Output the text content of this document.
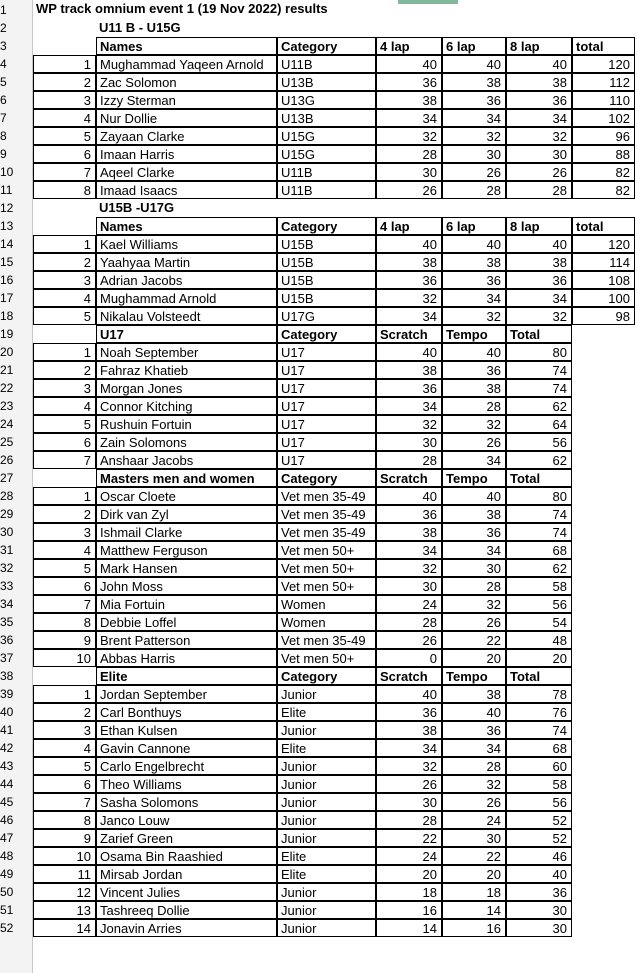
1
2
3
4
5
6
7
8
9
10
11
12
13
14
15
16
17
18
19
20
21
22
23
24
25
26
27
28
29
30
31
32
33
34
35
36
37
38
39
40
41
42
43
44
45
46
47
48
49
50
51
52
WP track omnium event 1 (19 Nov 2022) results
U11 B - U15G
Names	Category	4 lap	6 lap	8 lap	total
1 Mughammad Yaqeen Arnold	U11B	40	40	40	120
2 Zac Solomon	U13B	36	38	38	112
3 Izzy Sterman	U13G	38	36	36	110
4 Nur Dollie	U13B	34	34	34	102
5 Zayaan Clarke	U15G	32	32	32	96
6 Imaan Harris	U15G	28	30	30	88
7 Aqeel Clarke	U11B	30	26	26	82
8 Imaad Isaacs	U11B	26	28	28	82
U15B -U17G
Names	Category	4 lap	6 lap	8 lap	total
1 Kael Williams	U15B	40	40	40	120
2 Yaahyaa Martin	U15B	38	38	38	114
3 Adrian Jacobs	U15B	36	36	36	108
4 Mughammad Arnold	U15B	32	34	34	100
5 Nikalau Volsteedt	U17G	34	32	32	98
U17	Category	Scratch	Tempo	Total
1 Noah September	U17	40	40	80
2 Fahraz Khatieb	U17	38	36	74
3 Morgan Jones	U17	36	38	74
4 Connor Kitching	U17	34	28	62
5 Rushuin Fortuin	U17	32	32	64
6 Zain Solomons	U17	30	26	56
7 Anshaar Jacobs	U17	28	34	62
Masters men and women	Category	Scratch	Tempo	Total
1 Oscar Cloete	Vet men 35-49	40	40	80
2 Dirk van Zyl	Vet men 35-49	36	38	74
3 Ishmail Clarke	Vet men 35-49	38	36	74
4 Matthew Ferguson	Vet men 50+	34	34	68
5 Mark Hansen	Vet men 50+	32	30	62
6 John Moss	Vet men 50+	30	28	58
7 Mia Fortuin	Women	24	32	56
8 Debbie Loffel	Women	28	26	54
9 Brent Patterson	Vet men 35-49	26	22	48
10 Abbas Harris	Vet men 50+	0	20	20
Elite	Category	Scratch	Tempo	Total
1 Jordan September	Junior	40	38	78
2 Carl Bonthuys	Elite	36	40	76
3 Ethan Kulsen	Junior	38	36	74
4 Gavin Cannone	Elite	34	34	68
5 Carlo Engelbrecht	Junior	32	28	60
6 Theo Williams	Junior	26	32	58
7 Sasha Solomons	Junior	30	26	56
8 Janco Louw	Junior	28	24	52
9 Zarief Green	Junior	22	30	52
10 Osama Bin Raashied	Elite	24	22	46
11 Mirsab Jordan	Elite	20	20	40
12 Vincent Julies	Junior	18	18	36
13 Tashreeq Dollie	Junior	16	14	30
14 Jonavin Arries	Junior	14	16	30
